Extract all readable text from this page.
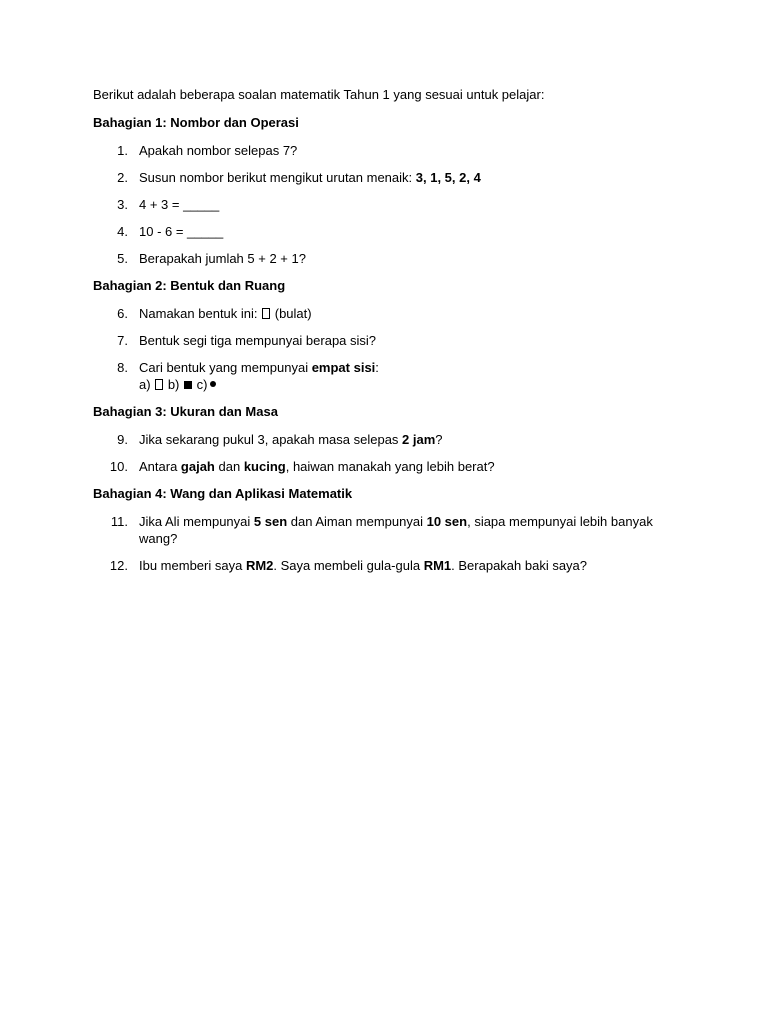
Berikut adalah beberapa soalan matematik Tahun 1 yang sesuai untuk pelajar:

Bahagian 1: Nombor dan Operasi

1. Apakah nombor selepas 7?
2. Susun nombor berikut mengikut urutan menaik: 3, 1, 5, 2, 4
3. 4 + 3 = _____
4. 10 - 6 = _____
5. Berapakah jumlah 5 + 2 + 1?

Bahagian 2: Bentuk dan Ruang

6. Namakan bentuk ini:  (bulat)
7. Bentuk segi tiga mempunyai berapa sisi?
8. Cari bentuk yang mempunyai empat sisi:
a) b) c)

Bahagian 3: Ukuran dan Masa

9. Jika sekarang pukul 3, apakah masa selepas 2 jam?
10. Antara gajah dan kucing, haiwan manakah yang lebih berat?

Bahagian 4: Wang dan Aplikasi Matematik

11. Jika Ali mempunyai 5 sen dan Aiman mempunyai 10 sen, siapa mempunyai lebih banyak wang?
12. Ibu memberi saya RM2. Saya membeli gula-gula RM1. Berapakah baki saya?
